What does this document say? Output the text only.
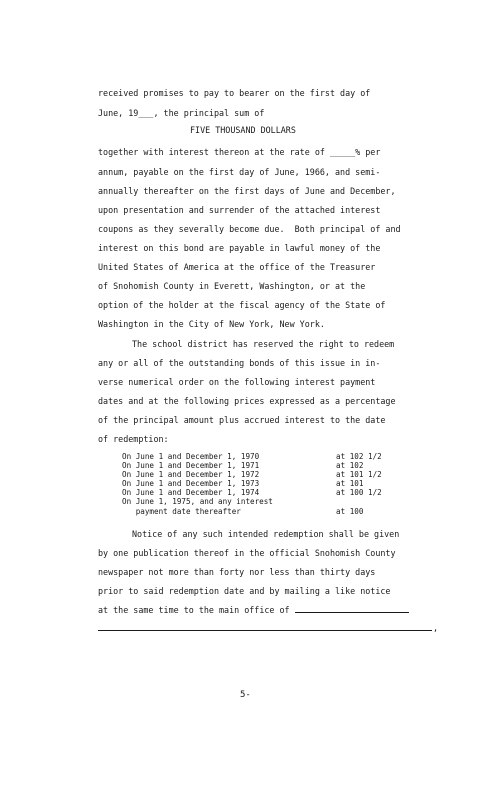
received promises to pay to bearer on the first day of
June, 19___, the principal sum of
FIVE THOUSAND DOLLARS
together with interest thereon at the rate of _____% per
annum, payable on the first day of June, 1966, and semi-
annually thereafter on the first days of June and December,
upon presentation and surrender of the attached interest
coupons as they severally become due.  Both principal of and
interest on this bond are payable in lawful money of the
United States of America at the office of the Treasurer
of Snohomish County in Everett, Washington, or at the
option of the holder at the fiscal agency of the State of
Washington in the City of New York, New York.
The school district has reserved the right to redeem
any or all of the outstanding bonds of this issue in in-
verse numerical order on the following interest payment
dates and at the following prices expressed as a percentage
of the principal amount plus accrued interest to the date
of redemption:
On June 1 and December 1, 1970	at 102 1/2
On June 1 and December 1, 1971	at 102
On June 1 and December 1, 1972	at 101 1/2
On June 1 and December 1, 1973	at 101
On June 1 and December 1, 1974	at 100 1/2
On June 1, 1975, and any interest
payment date thereafter	at 100
Notice of any such intended redemption shall be given
by one publication thereof in the official Snohomish County
newspaper not more than forty nor less than thirty days
prior to said redemption date and by mailing a like notice
at the same time to the main office of
,
5-
